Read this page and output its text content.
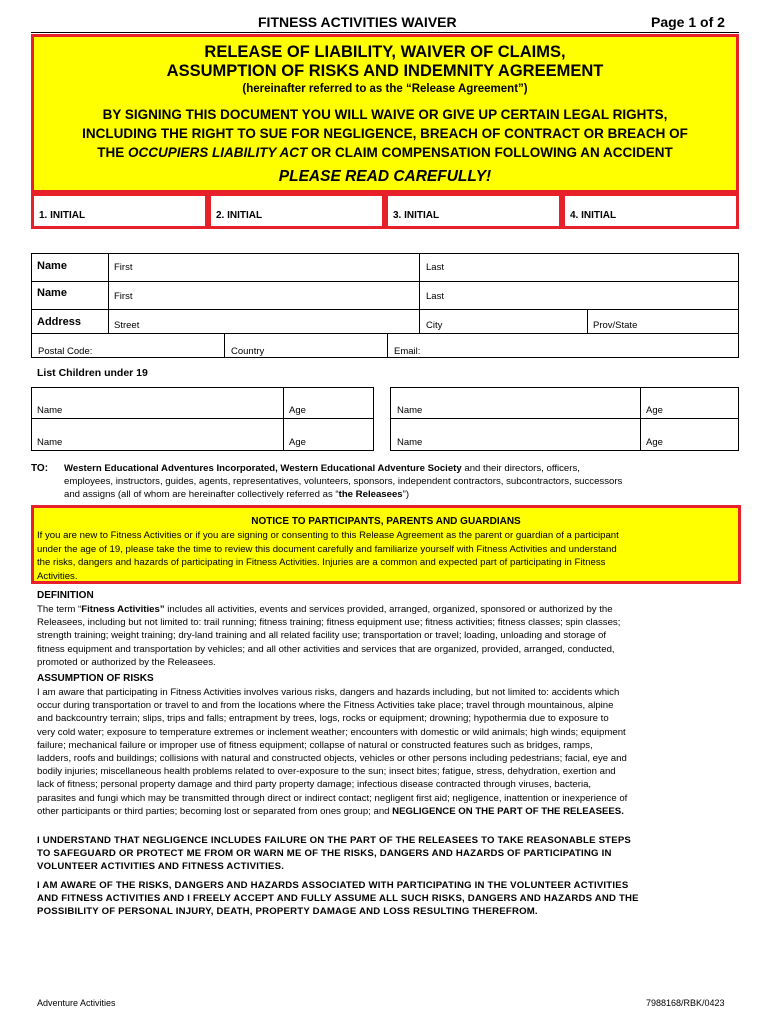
FITNESS ACTIVITIES WAIVER	Page 1 of 2
RELEASE OF LIABILITY, WAIVER OF CLAIMS,
ASSUMPTION OF RISKS AND INDEMNITY AGREEMENT
(hereinafter referred to as the “Release Agreement”)
BY SIGNING THIS DOCUMENT YOU WILL WAIVE OR GIVE UP CERTAIN LEGAL RIGHTS,
INCLUDING THE RIGHT TO SUE FOR NEGLIGENCE, BREACH OF CONTRACT OR BREACH OF
THE OCCUPIERS LIABILITY ACT OR CLAIM COMPENSATION FOLLOWING AN ACCIDENT
PLEASE READ CAREFULLY!
1. INITIAL	2. INITIAL	3. INITIAL	4. INITIAL
Name	First	Last
Name	First	Last
Address	Street	City	Prov/State
Postal Code:	Country	Email:
List Children under 19
Name	Age
Name	Age
Name	Age
Name	Age
TO: Western Educational Adventures Incorporated, Western Educational Adventure Society and their directors, officers,
employees, instructors, guides, agents, representatives, volunteers, sponsors, independent contractors, subcontractors, successors
and assigns (all of whom are hereinafter collectively referred as “the Releasees”)
NOTICE TO PARTICIPANTS, PARENTS AND GUARDIANS
If you are new to Fitness Activities or if you are signing or consenting to this Release Agreement as the parent or guardian of a participant
under the age of 19, please take the time to review this document carefully and familiarize yourself with Fitness Activities and understand
the risks, dangers and hazards of participating in Fitness Activities. Injuries are a common and expected part of participating in Fitness
Activities.
DEFINITION
The term “Fitness Activities” includes all activities, events and services provided, arranged, organized, sponsored or authorized by the
Releasees, including but not limited to: trail running; fitness training; fitness equipment use; fitness activities; fitness classes; spin classes;
strength training; weight training; dry-land training and all related facility use; transportation or travel; loading, unloading and storage of
fitness equipment and transportation by vehicles; and all other activities and services that are organized, provided, arranged, conducted,
promoted or authorized by the Releasees.
ASSUMPTION OF RISKS
I am aware that participating in Fitness Activities involves various risks, dangers and hazards including, but not limited to: accidents which
occur during transportation or travel to and from the locations where the Fitness Activities take place; travel through mountainous, alpine
and backcountry terrain; slips, trips and falls; entrapment by trees, logs, rocks or equipment; drowning; hypothermia due to exposure to
very cold water; exposure to temperature extremes or inclement weather; encounters with domestic or wild animals; high winds; equipment
failure; mechanical failure or improper use of fitness equipment; collapse of natural or constructed features such as bridges, ramps,
ladders, roofs and buildings; collisions with natural and constructed objects, vehicles or other persons including pedestrians; facial, eye and
bodily injuries; miscellaneous health problems related to over-exposure to the sun; insect bites; fatigue, stress, dehydration, exertion and
lack of fitness; personal property damage and third party property damage; infectious disease contracted through viruses, bacteria,
parasites and fungi which may be transmitted through direct or indirect contact; negligent first aid; negligence, inattention or inexperience of
other participants or third parties; becoming lost or separated from ones group; and NEGLIGENCE ON THE PART OF THE RELEASEES.
I UNDERSTAND THAT NEGLIGENCE INCLUDES FAILURE ON THE PART OF THE RELEASEES TO TAKE REASONABLE STEPS
TO SAFEGUARD OR PROTECT ME FROM OR WARN ME OF THE RISKS, DANGERS AND HAZARDS OF PARTICIPATING IN
VOLUNTEER ACTIVITIES AND FITNESS ACTIVITIES.
I AM AWARE OF THE RISKS, DANGERS AND HAZARDS ASSOCIATED WITH PARTICIPATING IN THE VOLUNTEER ACTIVITIES
AND FITNESS ACTIVITIES AND I FREELY ACCEPT AND FULLY ASSUME ALL SUCH RISKS, DANGERS AND HAZARDS AND THE
POSSIBILITY OF PERSONAL INJURY, DEATH, PROPERTY DAMAGE AND LOSS RESULTING THEREFROM.
Adventure Activities	7988168/RBK/0423
